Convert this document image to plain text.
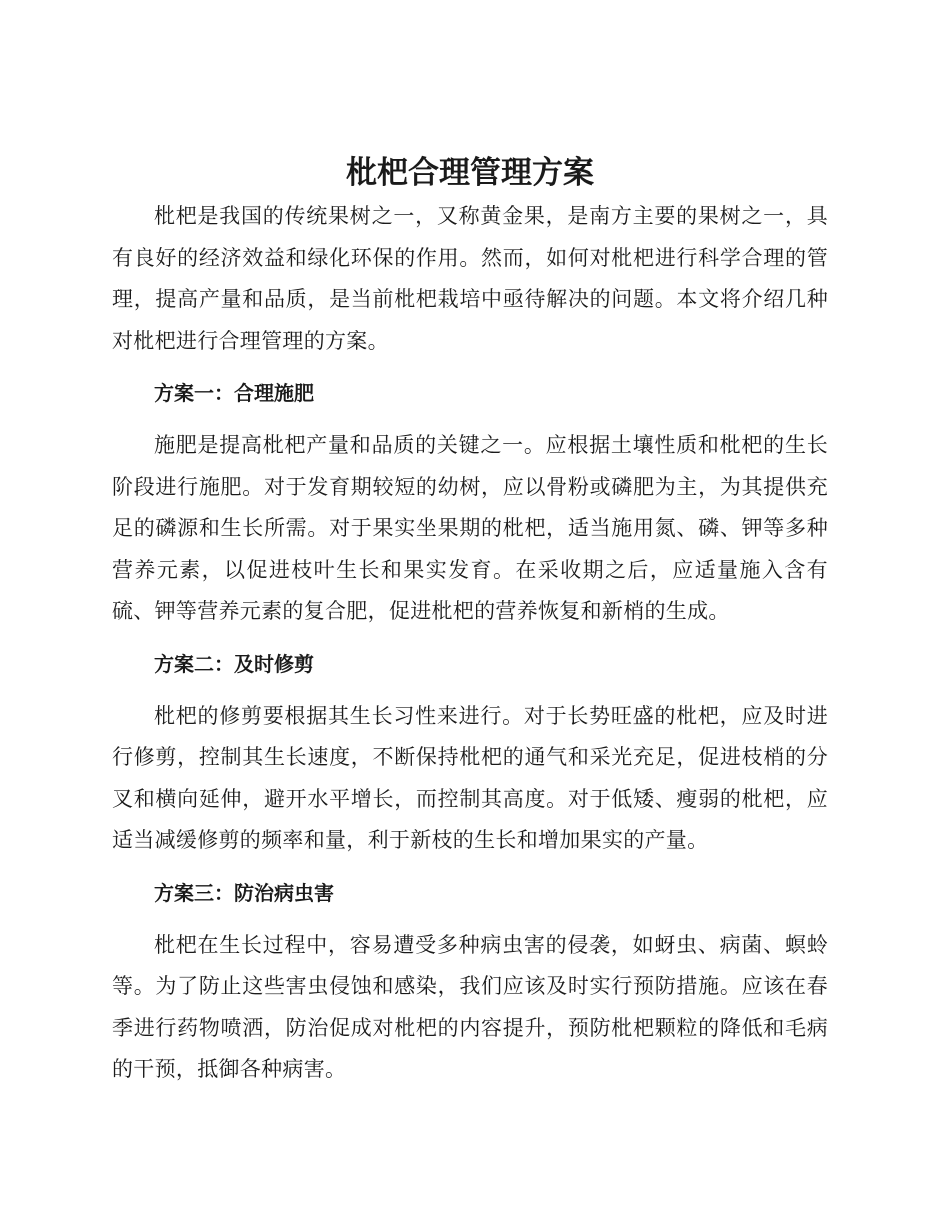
枇杷合理管理方案

枇杷是我国的传统果树之一，又称黄金果，是南方主要的果树之一，具有良好的经济效益和绿化环保的作用。然而，如何对枇杷进行科学合理的管理，提高产量和品质，是当前枇杷栽培中亟待解决的问题。本文将介绍几种对枇杷进行合理管理的方案。

方案一：合理施肥

施肥是提高枇杷产量和品质的关键之一。应根据土壤性质和枇杷的生长阶段进行施肥。对于发育期较短的幼树，应以骨粉或磷肥为主，为其提供充足的磷源和生长所需。对于果实坐果期的枇杷，适当施用氮、磷、钾等多种营养元素，以促进枝叶生长和果实发育。在采收期之后，应适量施入含有硫、钾等营养元素的复合肥，促进枇杷的营养恢复和新梢的生成。

方案二：及时修剪

枇杷的修剪要根据其生长习性来进行。对于长势旺盛的枇杷，应及时进行修剪，控制其生长速度，不断保持枇杷的通气和采光充足，促进枝梢的分叉和横向延伸，避开水平增长，而控制其高度。对于低矮、瘦弱的枇杷，应适当减缓修剪的频率和量，利于新枝的生长和增加果实的产量。

方案三：防治病虫害

枇杷在生长过程中，容易遭受多种病虫害的侵袭，如蚜虫、病菌、螟蛉等。为了防止这些害虫侵蚀和感染，我们应该及时实行预防措施。应该在春季进行药物喷洒，防治促成对枇杷的内容提升，预防枇杷颗粒的降低和毛病的干预，抵御各种病害。
